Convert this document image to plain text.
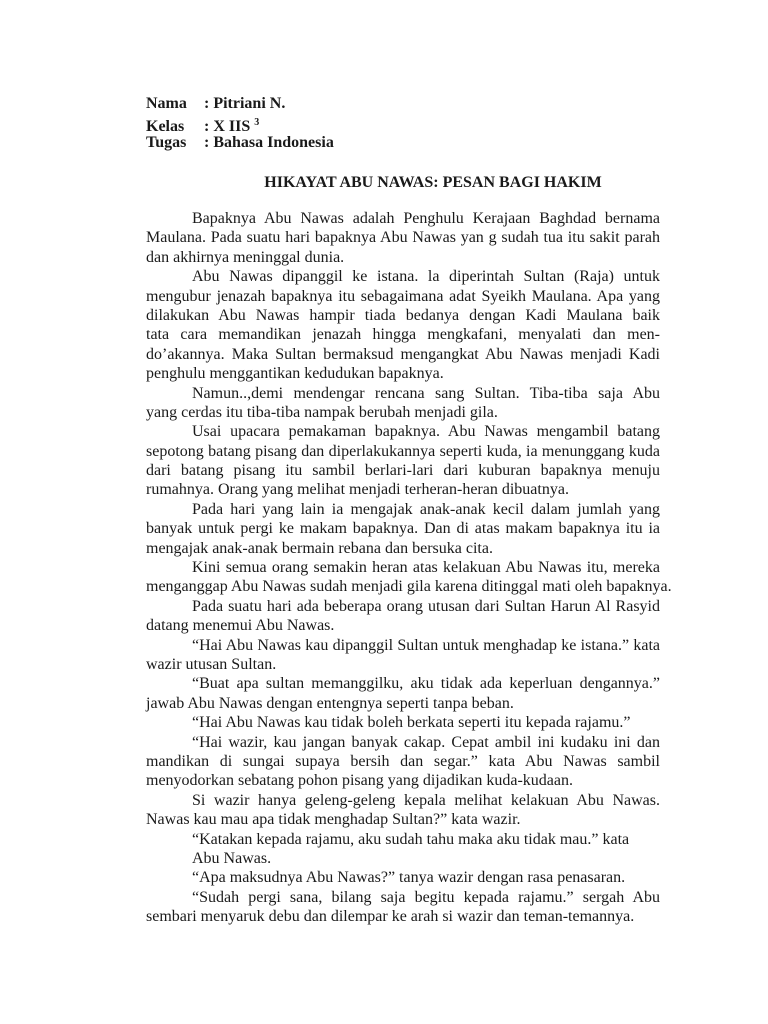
Nama : Pitriani N.
Kelas : X IIS $^3$
Tugas : Bahasa Indonesia
HIKAYAT ABU NAWAS: PESAN BAGI HAKIM
Bapaknya Abu Nawas adalah Penghulu Kerajaan Baghdad bernama
Maulana. Pada suatu hari bapaknya Abu Nawas yan g sudah tua itu sakit parah
dan akhirnya meninggal dunia.
Abu Nawas dipanggil ke istana. la diperintah Sultan (Raja) untuk
mengubur jenazah bapaknya itu sebagaimana adat Syeikh Maulana. Apa yang
dilakukan Abu Nawas hampir tiada bedanya dengan Kadi Maulana baik
tata cara memandikan jenazah hingga mengkafani, menyalati dan men-
do’akannya. Maka Sultan bermaksud mengangkat Abu Nawas menjadi Kadi
penghulu menggantikan kedudukan bapaknya.
Namun..,demi mendengar rencana sang Sultan. Tiba-tiba saja Abu
yang cerdas itu tiba-tiba nampak berubah menjadi gila.
Usai upacara pemakaman bapaknya. Abu Nawas mengambil batang
sepotong batang pisang dan diperlakukannya seperti kuda, ia menunggang kuda
dari batang pisang itu sambil berlari-lari dari kuburan bapaknya menuju
rumahnya. Orang yang melihat menjadi terheran-heran dibuatnya.
Pada hari yang lain ia mengajak anak-anak kecil dalam jumlah yang
banyak untuk pergi ke makam bapaknya. Dan di atas makam bapaknya itu ia
mengajak anak-anak bermain rebana dan bersuka cita.
Kini semua orang semakin heran atas kelakuan Abu Nawas itu, mereka
menganggap Abu Nawas sudah menjadi gila karena ditinggal mati oleh bapaknya.
Pada suatu hari ada beberapa orang utusan dari Sultan Harun Al Rasyid
datang menemui Abu Nawas.
“Hai Abu Nawas kau dipanggil Sultan untuk menghadap ke istana.” kata
wazir utusan Sultan.
“Buat apa sultan memanggilku, aku tidak ada keperluan dengannya.”
jawab Abu Nawas dengan entengnya seperti tanpa beban.
“Hai Abu Nawas kau tidak boleh berkata seperti itu kepada rajamu.”
“Hai wazir, kau jangan banyak cakap. Cepat ambil ini kudaku ini dan
mandikan di sungai supaya bersih dan segar.” kata Abu Nawas sambil
menyodorkan sebatang pohon pisang yang dijadikan kuda-kudaan.
Si wazir hanya geleng-geleng kepala melihat kelakuan Abu Nawas.
Nawas kau mau apa tidak menghadap Sultan?” kata wazir.
“Katakan kepada rajamu, aku sudah tahu maka aku tidak mau.” kata
Abu Nawas.
“Apa maksudnya Abu Nawas?” tanya wazir dengan rasa penasaran.
“Sudah pergi sana, bilang saja begitu kepada rajamu.” sergah Abu
sembari menyaruk debu dan dilempar ke arah si wazir dan teman-temannya.
